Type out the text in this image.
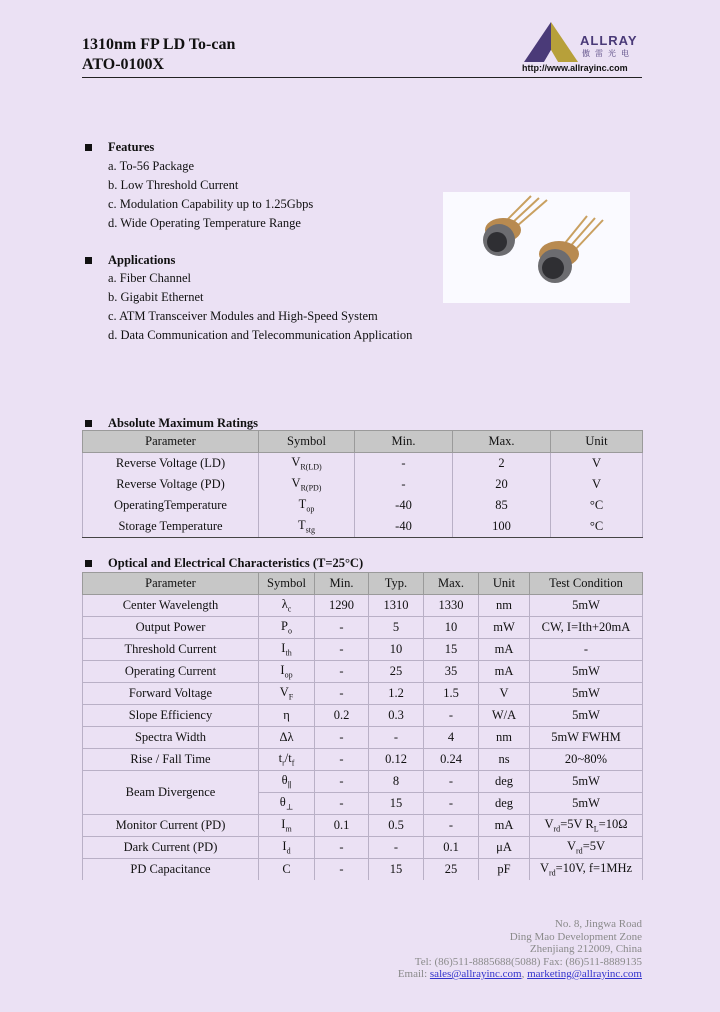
1310nm FP LD To-can
ATO-0100X
ALLRAY
傲雷光电
http://www.allrayinc.com
Features
a. To-56 Package
b. Low Threshold Current
c. Modulation Capability up to 1.25Gbps
d. Wide Operating Temperature Range
Applications
a. Fiber Channel
b. Gigabit Ethernet
c. ATM Transceiver Modules and High-Speed System
d. Data Communication and Telecommunication Application
Absolute Maximum Ratings
Parameter	Symbol	Min.	Max.	Unit
Reverse Voltage (LD)	$V_{R(LD)}$	-	2	V
Reverse Voltage (PD)	$V_{R(PD)}$	-	20	V
OperatingTemperature	$T_{op}$	-40	85	°C
Storage Temperature	$T_{stg}$	-40	100	°C
Optical and Electrical Characteristics (T=25°C)
Parameter	Symbol	Min.	Typ.	Max.	Unit	Test Condition
Center Wavelength	$\lambda_c$	1290	1310	1330	nm	5mW
Output Power	$P_o$	-	5	10	mW	CW, I=Ith+20mA
Threshold Current	$I_{th}$	-	10	15	mA	-
Operating Current	$I_{op}$	-	25	35	mA	5mW
Forward Voltage	$V_F$	-	1.2	1.5	V	5mW
Slope Efficiency	η	0.2	0.3	-	W/A	5mW
Spectra Width	Δλ	-	-	4	nm	5mW FWHM
Rise / Fall Time	$t_r/t_f$	-	0.12	0.24	ns	20~80%
Beam Divergence	$\theta_\parallel$	-	8	-	deg	5mW
	$\theta_\perp$	-	15	-	deg	5mW
Monitor Current (PD)	$I_m$	0.1	0.5	-	mA	$V_{rd}=5V$ $R_L=10\Omega$
Dark Current (PD)	$I_d$	-	-	0.1	μA	$V_{rd}=5V$
PD Capacitance	C	-	15	25	pF	$V_{rd}=10V$, f=1MHz
No. 8, Jingwa Road
Ding Mao Development Zone
Zhenjiang 212009, China
Tel: (86)511-8885688(5088) Fax: (86)511-8889135
Email: sales@allrayinc.com, marketing@allrayinc.com
